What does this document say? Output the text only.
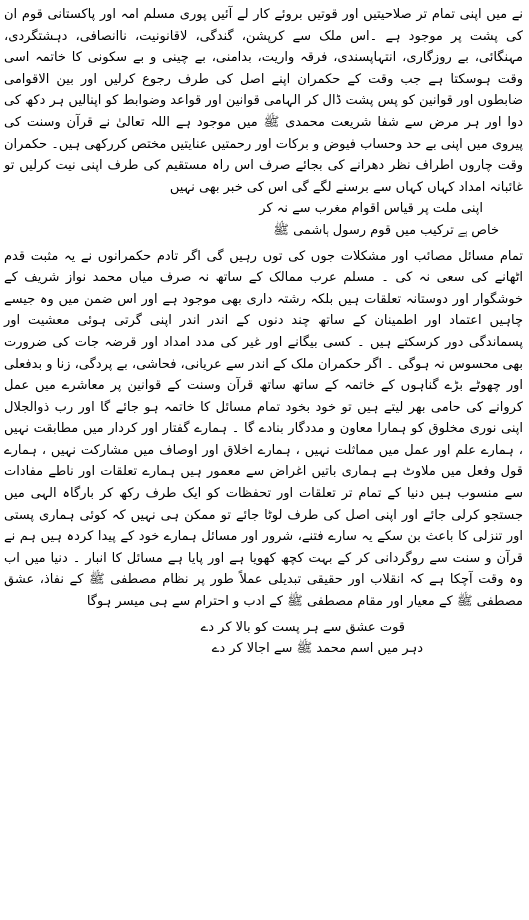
نے میں اپنی تمام تر صلاحیتیں اور قوتیں بروئے کار لے آئیں پوری مسلم امہ اور پاکستانی قوم ان کی پشت پر موجود ہے ۔اس ملک سے کرپشن، گندگی، لاقانونیت، ناانصافی، دہشتگردی، مہنگائی، بے روزگاری، انتہاپسندی، فرقہ واریت، بدامنی، بے چینی و بے سکونی کا خاتمہ اسی وقت ہوسکتا ہے جب وقت کے حکمران اپنے اصل کی طرف رجوع کرلیں اور بین الاقوامی ضابطوں اور قوانین کو پس پشت ڈال کر الہامی قوانین اور قواعد وضوابط کو اپنالیں ہر دکھ کی دوا اور ہر مرض سے شفا شریعت محمدی ﷺ میں موجود ہے اللہ تعالیٰ نے قرآن وسنت کی پیروی میں اپنی بے حد وحساب فیوض و برکات اور رحمتیں عنایتیں مختص کررکھی ہیں۔ حکمران وقت چاروں اطراف نظر دھرانے کی بجائے صرف اس راہ مستقیم کی طرف اپنی نیت کرلیں تو غائبانہ امداد کہاں کہاں سے برسنے لگے گی اس کی خبر بھی نہیں

اپنی ملت پر قیاس اقوام مغرب سے نہ کر

خاص ہے ترکیب میں قوم رسول ہاشمی ﷺ

تمام مسائل مصائب اور مشکلات جوں کی توں رہیں گی اگر تادم حکمرانوں نے یہ مثبت قدم اٹھانے کی سعی نہ کی ۔ مسلم عرب ممالک کے ساتھ نہ صرف میاں محمد نواز شریف کے خوشگوار اور دوستانہ تعلقات ہیں بلکہ رشتہ داری بھی موجود ہے اور اس ضمن میں وہ جیسے چاہیں اعتماد اور اطمینان کے ساتھ چند دنوں کے اندر اندر اپنی گرتی ہوئی معشیت اور پسماندگی دور کرسکتے ہیں ۔ کسی بیگانے اور غیر کی مدد امداد اور قرضہ جات کی ضرورت بھی محسوس نہ ہوگی ۔ اگر حکمران ملک کے اندر سے عریانی، فحاشی، بے پردگی، زنا و بدفعلی اور چھوٹے بڑے گناہوں کے خاتمہ کے ساتھ ساتھ قرآن وسنت کے قوانین پر معاشرے میں عمل کروانے کی حامی بھر لیتے ہیں تو خود بخود تمام مسائل کا خاتمہ ہو جائے گا اور رب ذوالجلال اپنی نوری مخلوق کو ہمارا معاون و مددگار بنادے گا ۔ ہمارے گفتار اور کردار میں مطابقت نہیں ، ہمارے علم اور عمل میں مماثلت نہیں ، ہمارے اخلاق اور اوصاف میں مشارکت نہیں ، ہمارے قول وفعل میں ملاوٹ ہے ہماری باتیں اغراض سے معمور ہیں ہمارے تعلقات اور ناطے مفادات سے منسوب ہیں دنیا کے تمام تر تعلقات اور تحفظات کو ایک طرف رکھ کر بارگاہ الہی میں جستجو کرلی جائے اور اپنی اصل کی طرف لوٹا جائے تو ممکن ہی نہیں کہ کوئی ہماری پستی اور تنزلی کا باعث بن سکے یہ سارے فتنے، شرور اور مسائل ہمارے خود کے پیدا کردہ ہیں ہم نے قرآن و سنت سے روگردانی کر کے بہت کچھ کھویا ہے اور پایا ہے مسائل کا انبار ۔ دنیا میں اب وہ وقت آچکا ہے کہ انقلاب اور حقیقی تبدیلی عملاً طور پر نظام مصطفی ﷺ کے نفاذ، عشق مصطفی ﷺ کے معیار اور مقام مصطفی ﷺ کے ادب و احترام سے ہی میسر ہوگا

قوت عشق سے ہر پست کو بالا کر دے

دہر میں اسم محمد ﷺ سے اجالا کر دے
